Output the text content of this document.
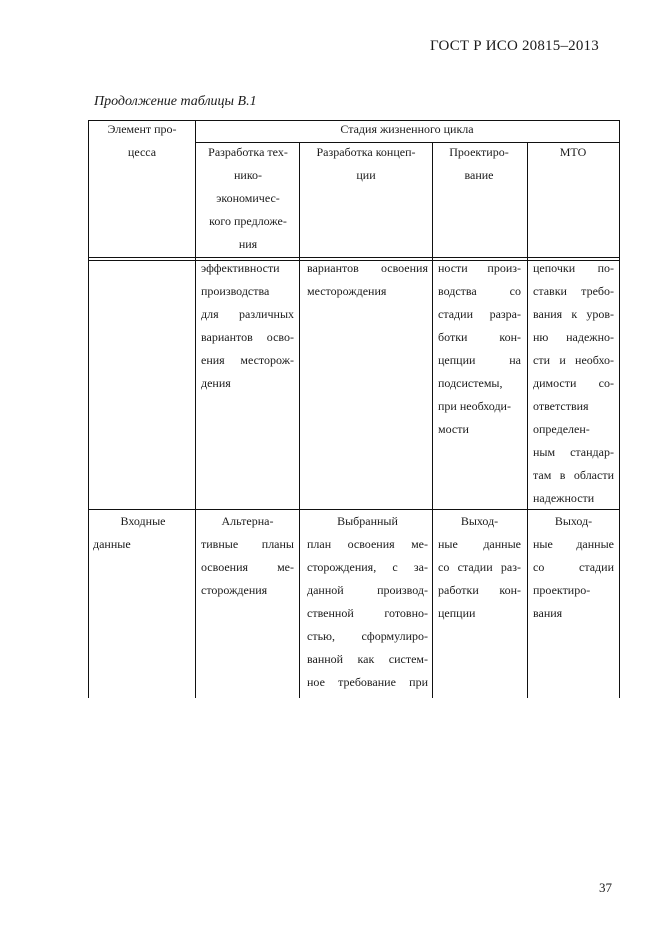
ГОСТ Р ИСО 20815–2013
Продолжение таблицы В.1
Элемент про-
цесса
Стадия жизненного цикла
Разработка тех-
нико-
экономичес-
кого предложе-
ния
Разработка концеп-
ции
Проектиро-
вание
МТО
эффективности
производства
для различных
вариантов осво-
ения месторож-
дения
вариантов освоения
месторождения
ности произ-
водства со
стадии разра-
ботки кон-
цепции на
подсистемы,
при необходи-
мости
цепочки по-
ставки требо-
вания к уров-
ню надежно-
сти и необхо-
димости со-
ответствия
определен-
ным стандар-
там в области
надежности
Входные
данные
Альтерна-
тивные планы
освоения ме-
сторождения
Выбранный
план освоения ме-
сторождения, с за-
данной производ-
ственной готовно-
стью, сформулиро-
ванной как систем-
ное требование при
Выход-
ные данные
со стадии раз-
работки кон-
цепции
Выход-
ные данные
со стадии
проектиро-
вания
37
